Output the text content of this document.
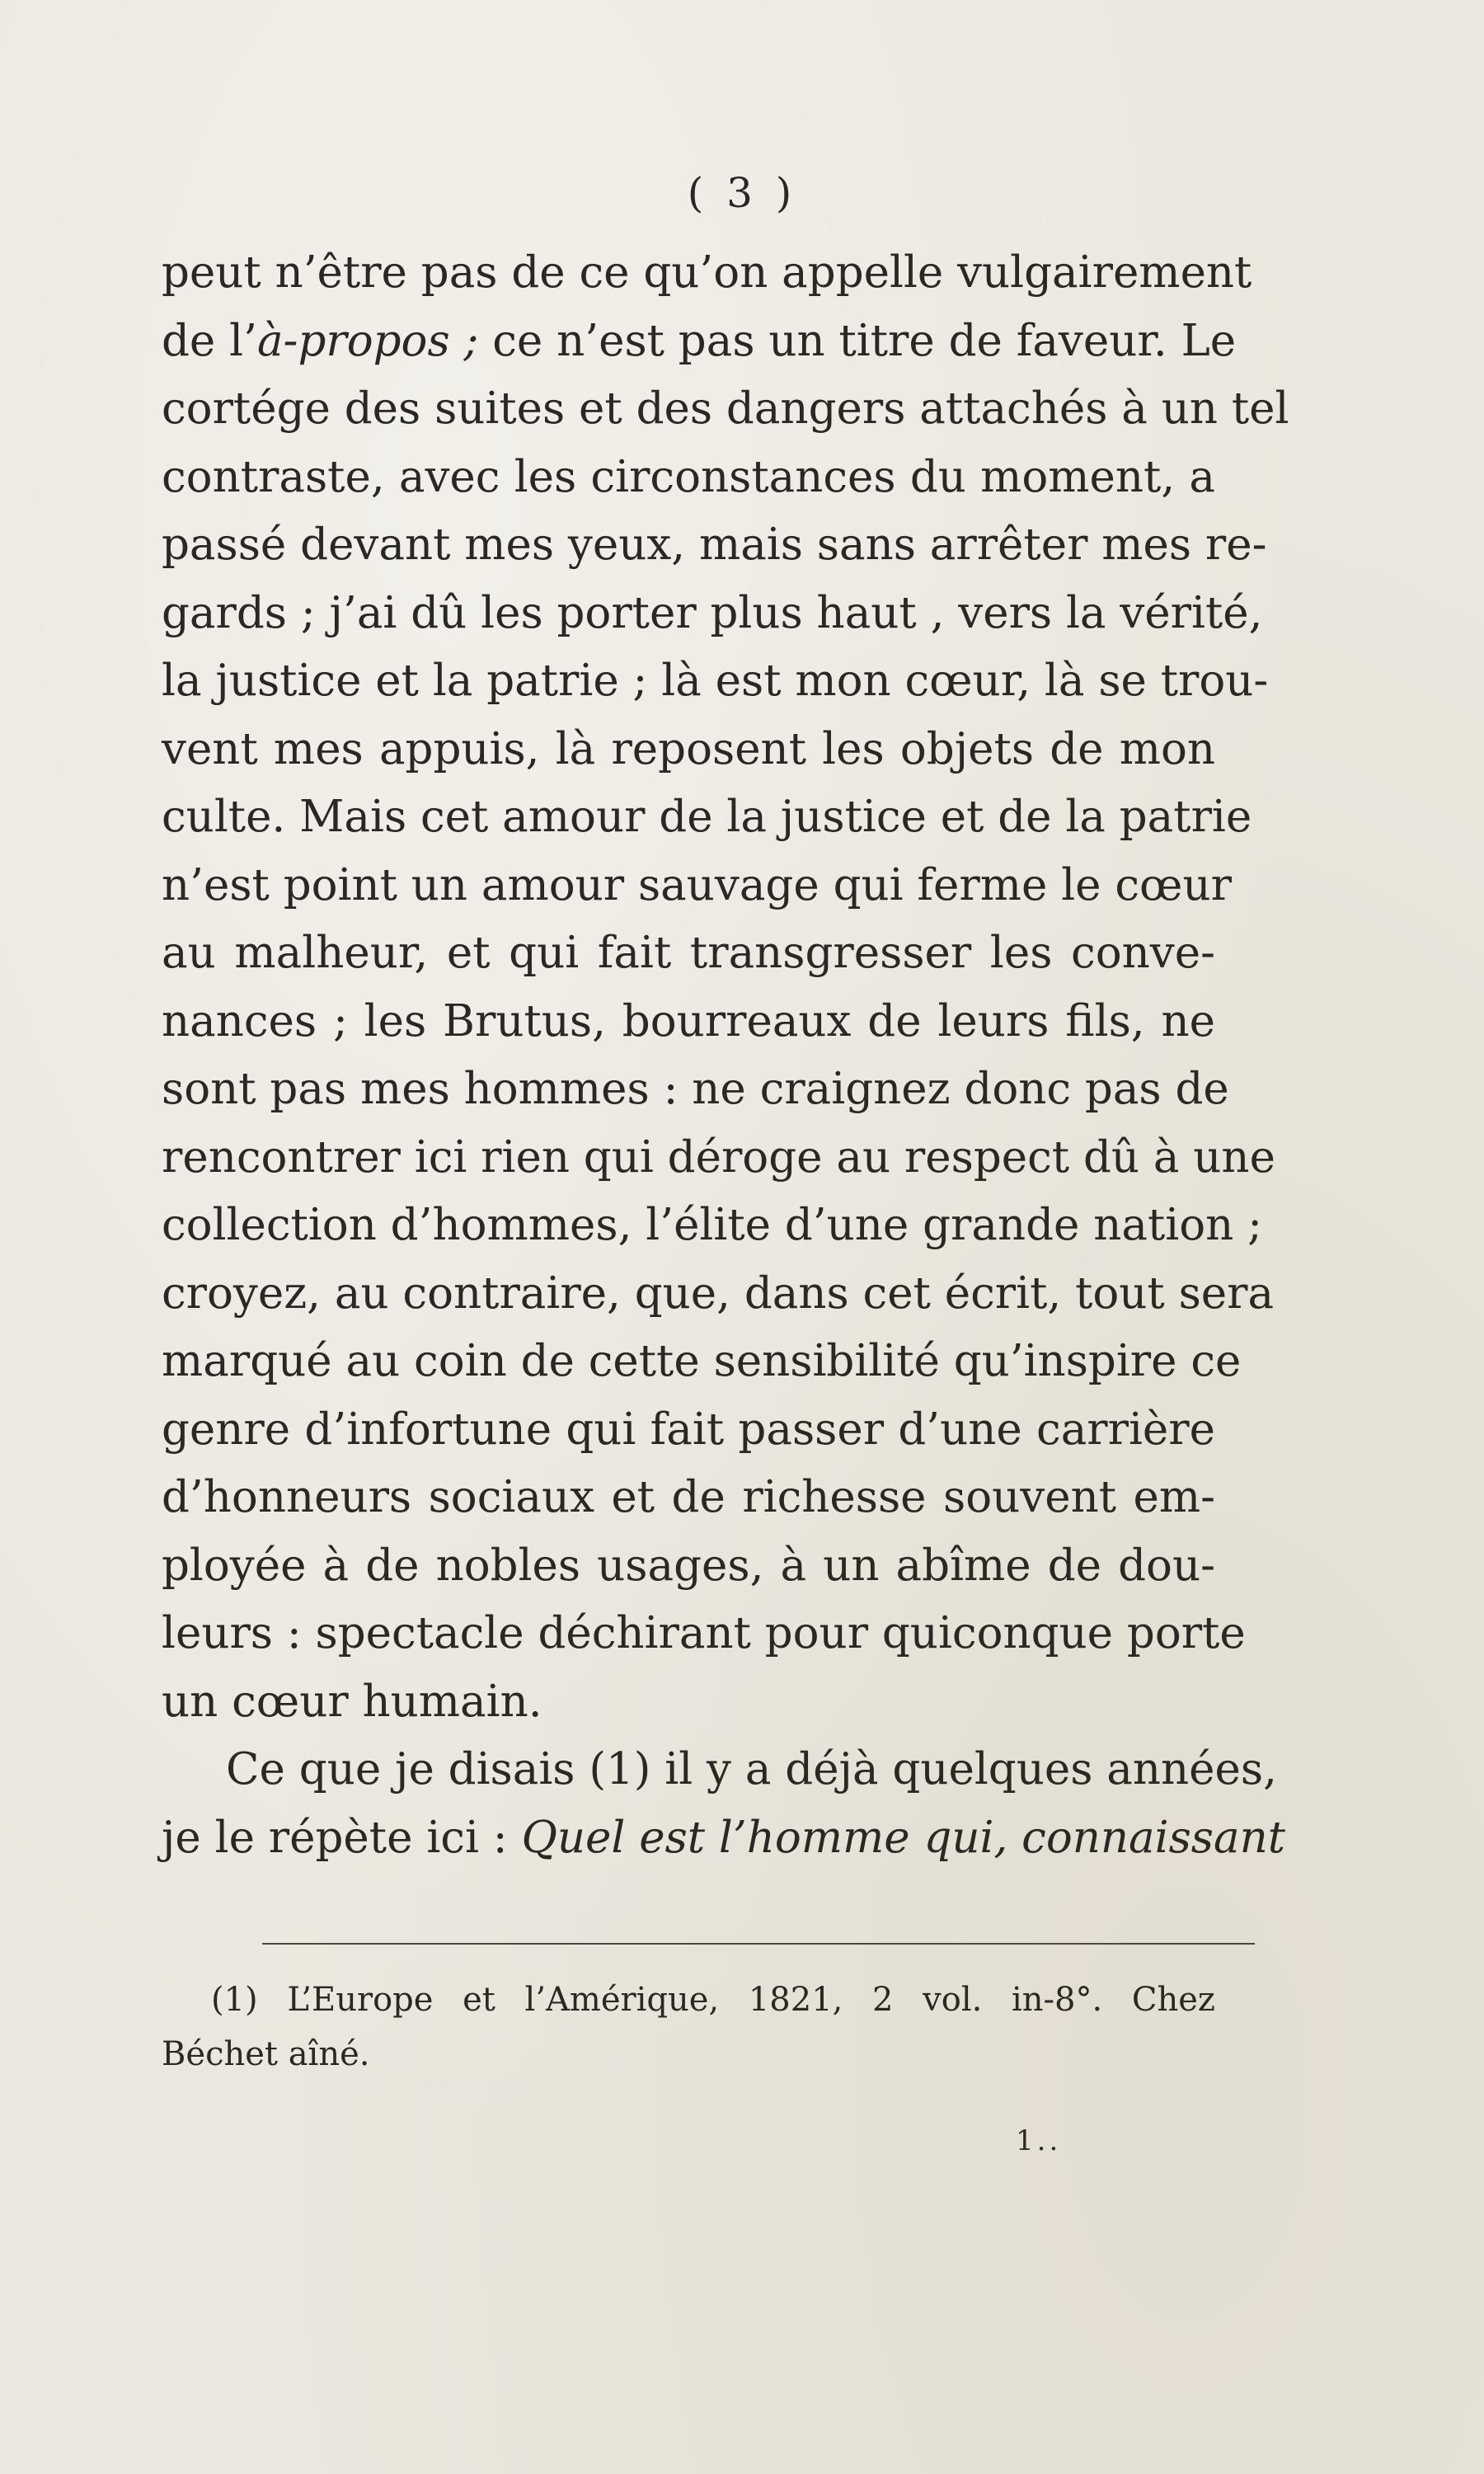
( 3 )
peut n’être pas de ce qu’on appelle vulgairement
de l’à-propos ; ce n’est pas un titre de faveur. Le
cortége des suites et des dangers attachés à un tel
contraste, avec les circonstances du moment, a
passé devant mes yeux, mais sans arrêter mes re-
gards ; j’ai dû les porter plus haut , vers la vérité,
la justice et la patrie ; là est mon cœur, là se trou-
vent mes appuis, là reposent les objets de mon
culte. Mais cet amour de la justice et de la patrie
n’est point un amour sauvage qui ferme le cœur
au malheur, et qui fait transgresser les conve-
nances ; les Brutus, bourreaux de leurs fils, ne
sont pas mes hommes : ne craignez donc pas de
rencontrer ici rien qui déroge au respect dû à une
collection d’hommes, l’élite d’une grande nation ;
croyez, au contraire, que, dans cet écrit, tout sera
marqué au coin de cette sensibilité qu’inspire ce
genre d’infortune qui fait passer d’une carrière
d’honneurs sociaux et de richesse souvent em-
ployée à de nobles usages, à un abîme de dou-
leurs : spectacle déchirant pour quiconque porte
un cœur humain.
Ce que je disais (1) il y a déjà quelques années,
je le répète ici : Quel est l’homme qui, connaissant
(1) L’Europe et l’Amérique, 1821, 2 vol. in-8°. Chez
Béchet aîné.
1..
